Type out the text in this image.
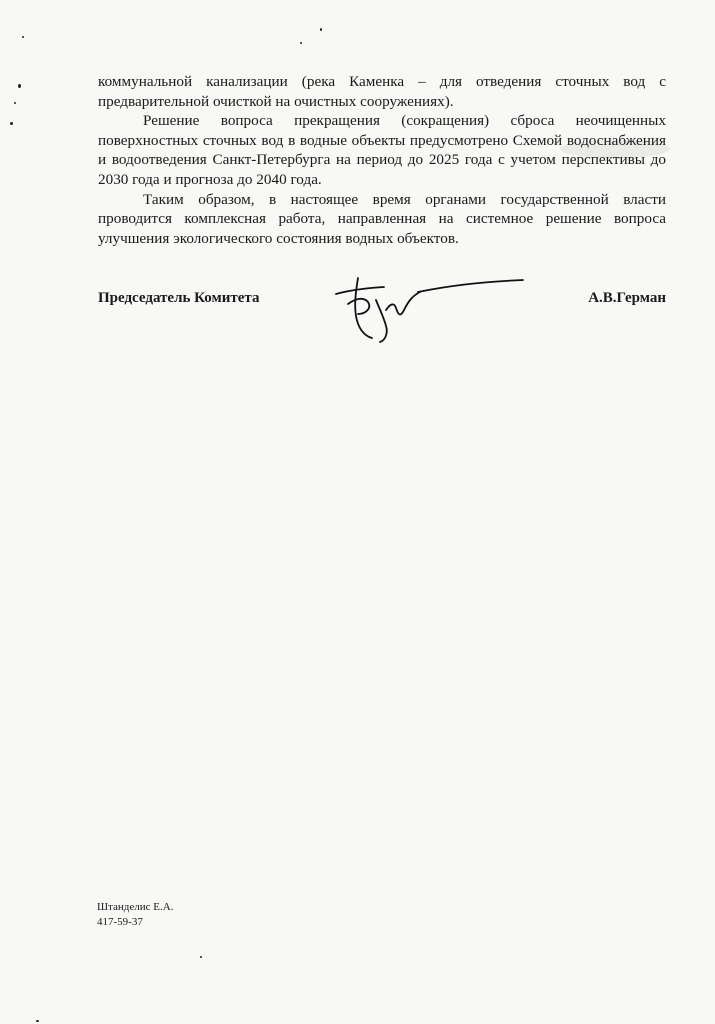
коммунальной канализации (река Каменка – для отведения сточных вод с предварительной очисткой на очистных сооружениях).

Решение вопроса прекращения (сокращения) сброса неочищенных поверхностных сточных вод в водные объекты предусмотрено Схемой водоснабжения и водоотведения Санкт-Петербурга на период до 2025 года с учетом перспективы до 2030 года и прогноза до 2040 года.

Таким образом, в настоящее время органами государственной власти проводится комплексная работа, направленная на системное решение вопроса улучшения экологического состояния водных объектов.

Председатель Комитета	А.В.Герман
Штанделис Е.А.
417-59-37
